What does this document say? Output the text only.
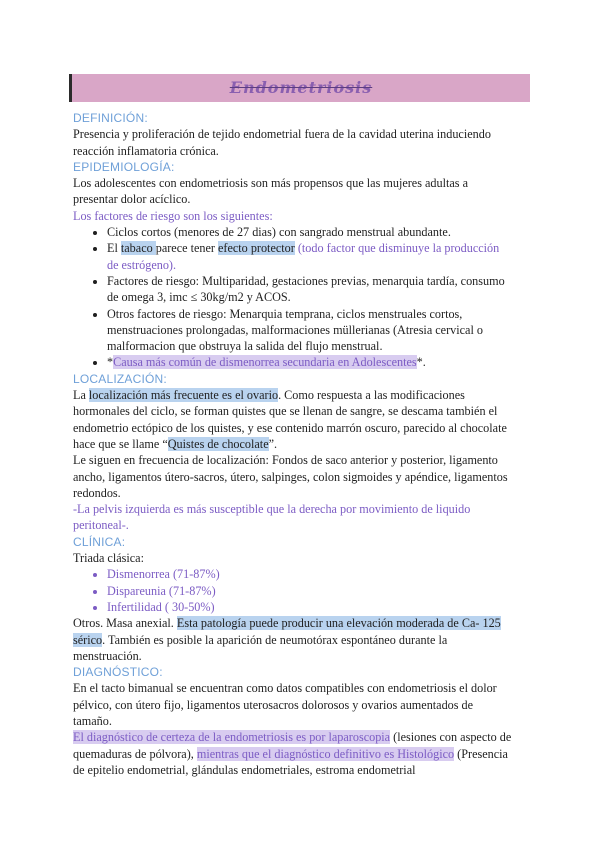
Endometriosis
DEFINICIÓN:

Presencia y proliferación de tejido endometrial fuera de la cavidad uterina induciendo reacción inflamatoria crónica.

EPIDEMIOLOGÍA:

Los adolescentes con endometriosis son más propensos que las mujeres adultas a presentar dolor acíclico.

Los factores de riesgo son los siguientes:

• Ciclos cortos (menores de 27 dias) con sangrado menstrual abundante.
• El tabaco parece tener efecto protector (todo factor que disminuye la producción de estrógeno).
• Factores de riesgo: Multiparidad, gestaciones previas, menarquia tardía, consumo de omega 3, imc ≤ 30kg/m2 y ACOS.
• Otros factores de riesgo: Menarquia temprana, ciclos menstruales cortos, menstruaciones prolongadas, malformaciones müllerianas (Atresia cervical o malformacion que obstruya la salida del flujo menstrual.
• *Causa más común de dismenorrea secundaria en Adolescentes*.
LOCALIZACIÓN:

La localización más frecuente es el ovario. Como respuesta a las modificaciones hormonales del ciclo, se forman quistes que se llenan de sangre, se descama también el endometrio ectópico de los quistes, y ese contenido marrón oscuro, parecido al chocolate hace que se llame “Quistes de chocolate”.

Le siguen en frecuencia de localización: Fondos de saco anterior y posterior, ligamento ancho, ligamentos útero-sacros, útero, salpinges, colon sigmoides y apéndice, ligamentos redondos.

-La pelvis izquierda es más susceptible que la derecha por movimiento de liquido peritoneal-.

CLÍNICA:

Triada clásica:

• Dismenorrea (71-87%)
• Dispareunia (71-87%)
• Infertilidad ( 30-50%)

Otros. Masa anexial. Esta patología puede producir una elevación moderada de Ca- 125 sérico. También es posible la aparición de neumotórax espontáneo durante la menstruación.

DIAGNÓSTICO:

En el tacto bimanual se encuentran como datos compatibles con endometriosis el dolor pélvico, con útero fijo, ligamentos uterosacros dolorosos y ovarios aumentados de tamaño.

El diagnóstico de certeza de la endometriosis es por laparoscopia (lesiones con aspecto de quemaduras de pólvora), mientras que el diagnóstico definitivo es Histológico (Presencia de epitelio endometrial, glándulas endometriales, estroma endometrial
